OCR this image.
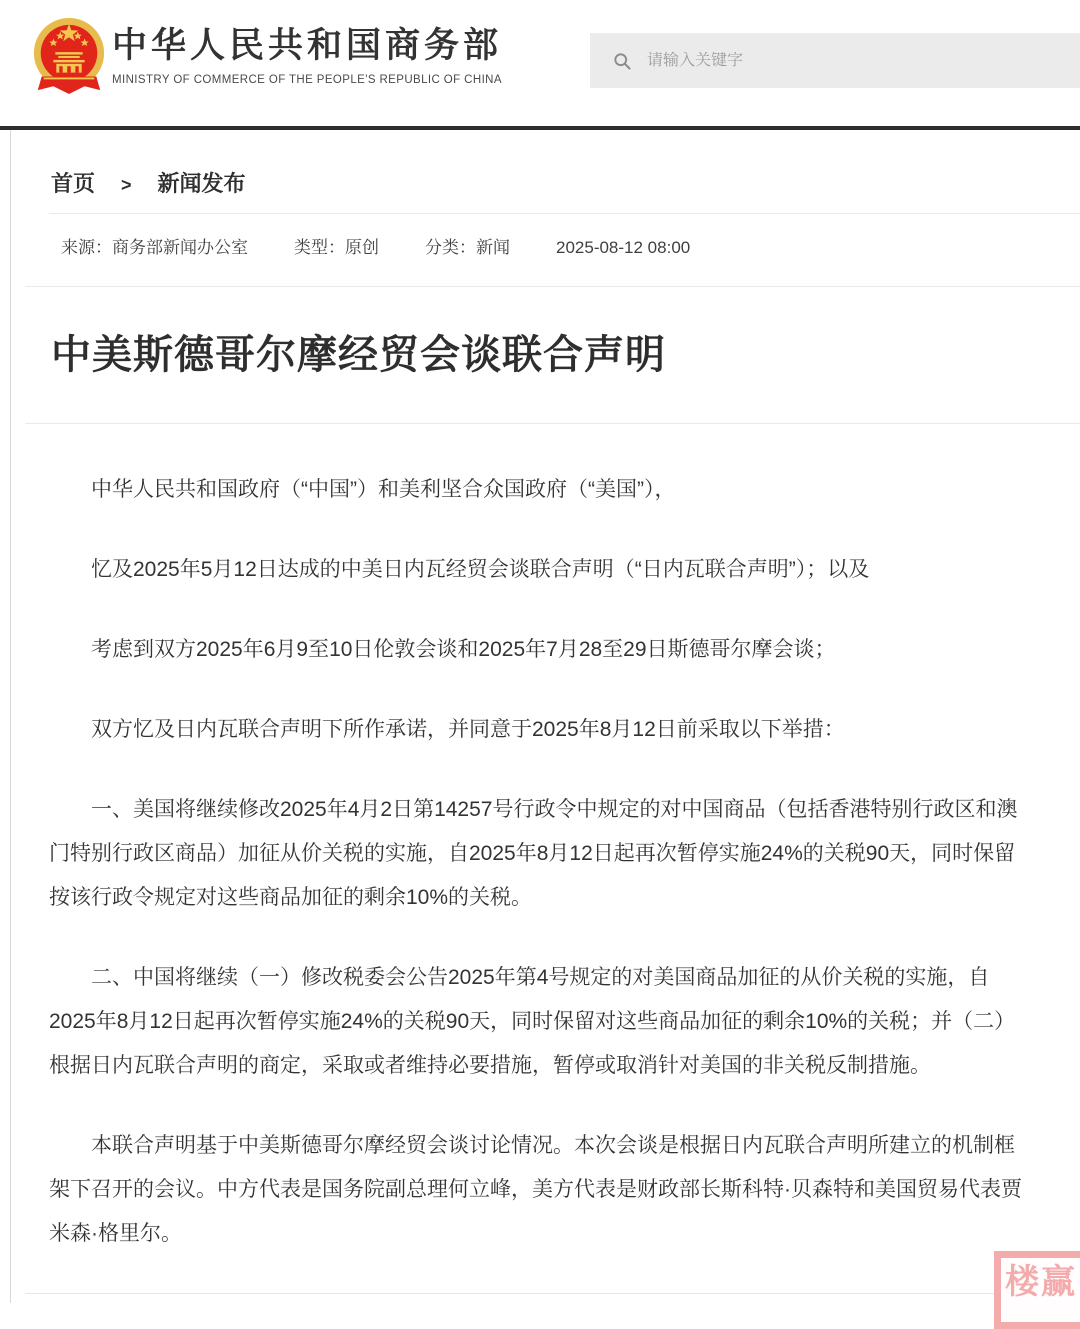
中华人民共和国商务部
MINISTRY OF COMMERCE OF THE PEOPLE'S REPUBLIC OF CHINA
请输入关键字
首页 > 新闻发布
来源：商务部新闻办公室	类型：原创	分类：新闻	2025-08-12 08:00
中美斯德哥尔摩经贸会谈联合声明

中华人民共和国政府（“中国”）和美利坚合众国政府（“美国”），

忆及2025年5月12日达成的中美日内瓦经贸会谈联合声明（“日内瓦联合声明”）；以及

考虑到双方2025年6月9至10日伦敦会谈和2025年7月28至29日斯德哥尔摩会谈；

双方忆及日内瓦联合声明下所作承诺，并同意于2025年8月12日前采取以下举措：

一、美国将继续修改2025年4月2日第14257号行政令中规定的对中国商品（包括香港特别行政区和澳门特别行政区商品）加征从价关税的实施，自2025年8月12日起再次暂停实施24%的关税90天，同时保留按该行政令规定对这些商品加征的剩余10%的关税。

二、中国将继续（一）修改税委会公告2025年第4号规定的对美国商品加征的从价关税的实施，自2025年8月12日起再次暂停实施24%的关税90天，同时保留对这些商品加征的剩余10%的关税；并（二）根据日内瓦联合声明的商定，采取或者维持必要措施，暂停或取消针对美国的非关税反制措施。

本联合声明基于中美斯德哥尔摩经贸会谈讨论情况。本次会谈是根据日内瓦联合声明所建立的机制框架下召开的会议。中方代表是国务院副总理何立峰，美方代表是财政部长斯科特·贝森特和美国贸易代表贾米森·格里尔。

楼赢
